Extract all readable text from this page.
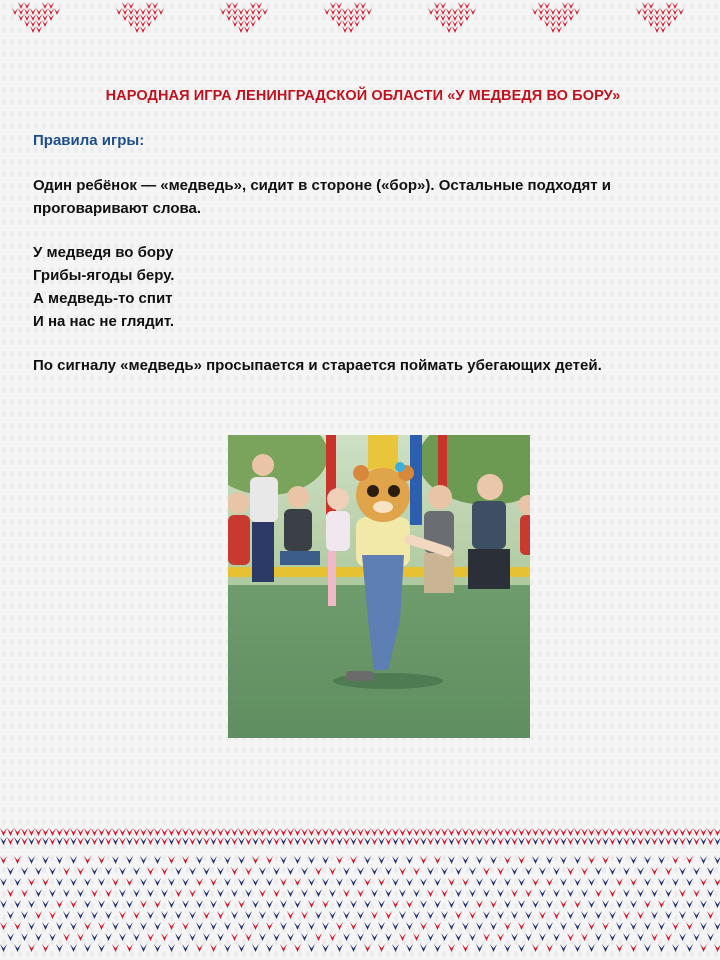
НАРОДНАЯ ИГРА ЛЕНИНГРАДСКОЙ ОБЛАСТИ «У МЕДВЕДЯ ВО БОРУ»
Правила игры:
Один ребёнок — «медведь», сидит в стороне («бор»). Остальные подходят и проговаривают слова.
У медведя во бору
Грибы-ягоды беру.
А медведь-то спит
И на нас не глядит.
По сигналу «медведь» просыпается и старается поймать убегающих детей.
